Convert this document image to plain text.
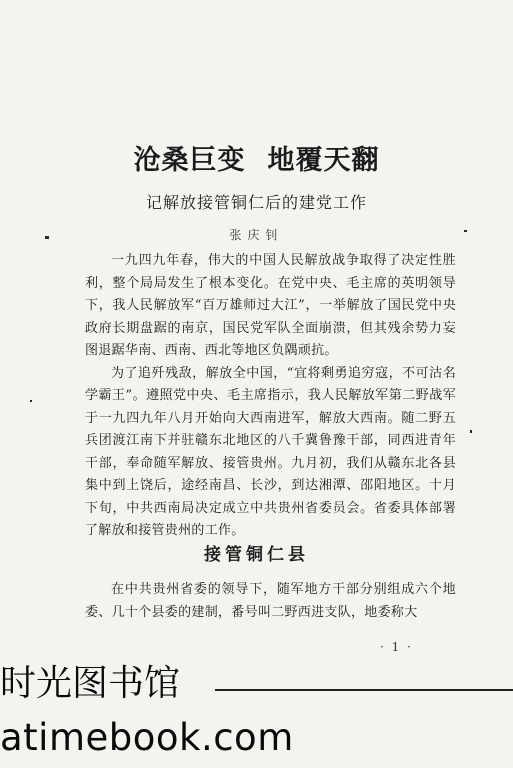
沧桑巨变 地覆天翻
记解放接管铜仁后的建党工作
张庆钊

一九四九年春，伟大的中国人民解放战争取得了决定性胜利，整个局局发生了根本变化。在党中央、毛主席的英明领导下，我人民解放军“百万雄师过大江”，一举解放了国民党中央政府长期盘踞的南京，国民党军队全面崩溃，但其残余势力妄图退踞华南、西南、西北等地区负隅顽抗。

为了追歼残敌，解放全中国，“宜将剩勇追穷寇，不可沽名学霸王”。遵照党中央、毛主席指示，我人民解放军第二野战军于一九四九年八月开始向大西南进军，解放大西南。随二野五兵团渡江南下并驻赣东北地区的八千冀鲁豫干部，同西进青年干部，奉命随军解放、接管贵州。九月初，我们从赣东北各县集中到上饶后，途经南昌、长沙，到达湘潭、邵阳地区。十月下旬，中共西南局决定成立中共贵州省委员会。省委具体部署了解放和接管贵州的工作。

接管铜仁县

在中共贵州省委的领导下，随军地方干部分别组成六个地委、几十个县委的建制，番号叫二野西进支队，地委称大

· 1 ·
时光图书馆
atimebook.com
